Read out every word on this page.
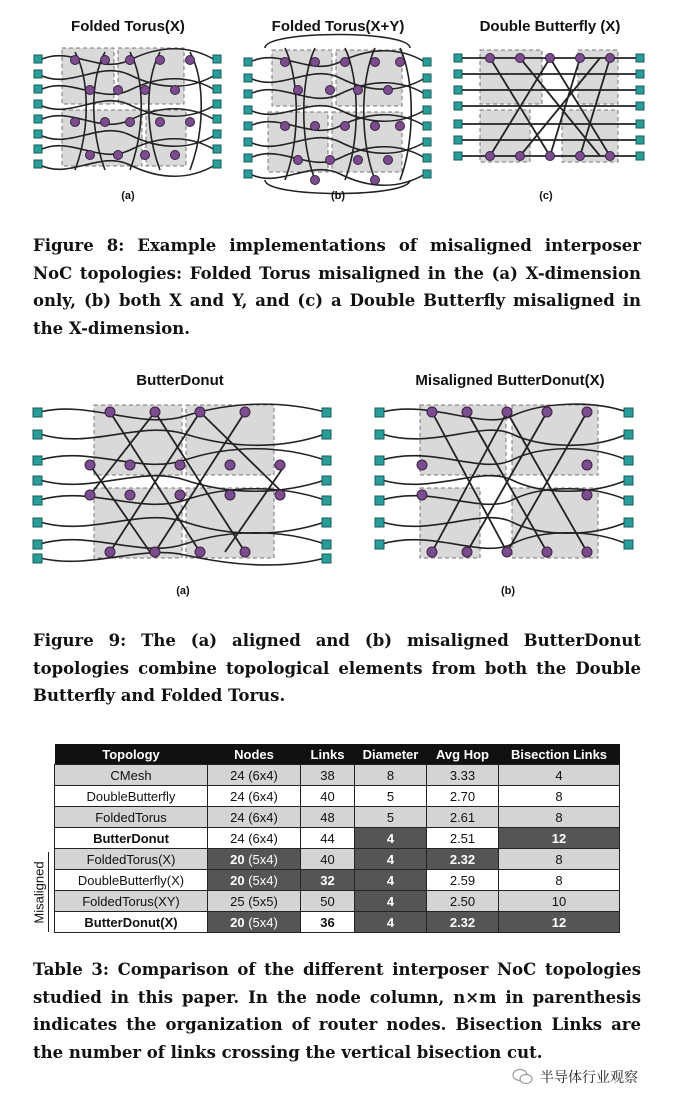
Folded Torus(X)	Folded Torus(X+Y)	Double Butterfly (X)
(a)	(b)	(c)
Figure 8: Example implementations of misaligned interposer NoC topologies: Folded Torus misaligned in the (a) X-dimension only, (b) both X and Y, and (c) a Double Butterfly misaligned in the X-dimension.
ButterDonut	Misaligned ButterDonut(X)
(a)	(b)
Figure 9: The (a) aligned and (b) misaligned ButterDonut topologies combine topological elements from both the Double Butterfly and Folded Torus.
Misaligned
Topology	Nodes	Links	Diameter	Avg Hop	Bisection Links
CMesh	24 (6x4)	38	8	3.33	4
DoubleButterfly	24 (6x4)	40	5	2.70	8
FoldedTorus	24 (6x4)	48	5	2.61	8
ButterDonut	24 (6x4)	44	4	2.51	12
FoldedTorus(X)	20 (5x4)	40	4	2.32	8
DoubleButterfly(X)	20 (5x4)	32	4	2.59	8
FoldedTorus(XY)	25 (5x5)	50	4	2.50	10
ButterDonut(X)	20 (5x4)	36	4	2.32	12
Table 3: Comparison of the different interposer NoC topologies studied in this paper. In the node column, n×m in parenthesis indicates the organization of router nodes. Bisection Links are the number of links crossing the vertical bisection cut.
半导体行业观察
